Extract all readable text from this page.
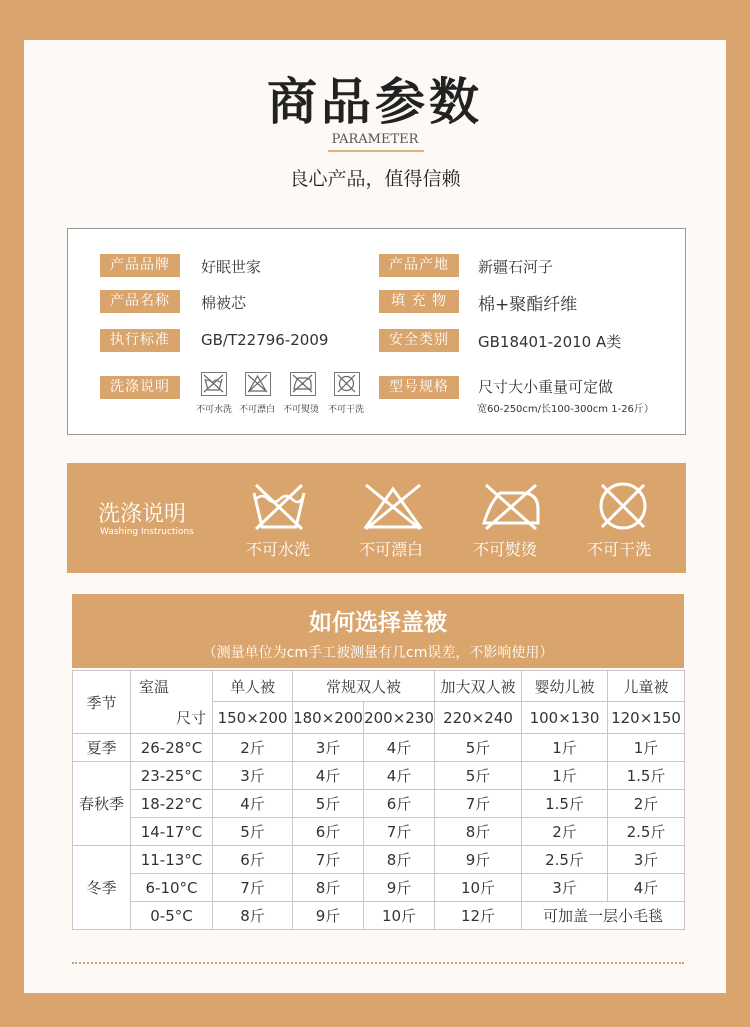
商品参数
PARAMETER
良心产品，值得信赖
产品品牌	好眠世家	产品产地	新疆石河子
产品名称	棉被芯	填 充 物	棉+聚酯纤维
执行标准	GB/T22796-2009	安全类别	GB18401-2010 A类
洗涤说明
不可水洗 不可漂白 不可熨烫 不可干洗
型号规格	尺寸大小重量可定做
宽60-250cm/长100-300cm 1-26斤）
洗涤说明
Washing Instructions
不可水洗	不可漂白	不可熨烫	不可干洗
如何选择盖被
（测量单位为cm手工被测量有几cm误差，不影响使用）
季节	室温	单人被	常规双人被		加大双人被	婴幼儿被	儿童被
	尺寸	150×200	180×200	200×230	220×240	100×130	120×150
夏季	26-28°C	2斤	3斤	4斤	5斤	1斤	1斤
春秋季	23-25°C	3斤	4斤	4斤	5斤	1斤	1.5斤
	18-22°C	4斤	5斤	6斤	7斤	1.5斤	2斤
	14-17°C	5斤	6斤	7斤	8斤	2斤	2.5斤
冬季	11-13°C	6斤	7斤	8斤	9斤	2.5斤	3斤
	6-10°C	7斤	8斤	9斤	10斤	3斤	4斤
	0-5°C	8斤	9斤	10斤	12斤	可加盖一层小毛毯	
